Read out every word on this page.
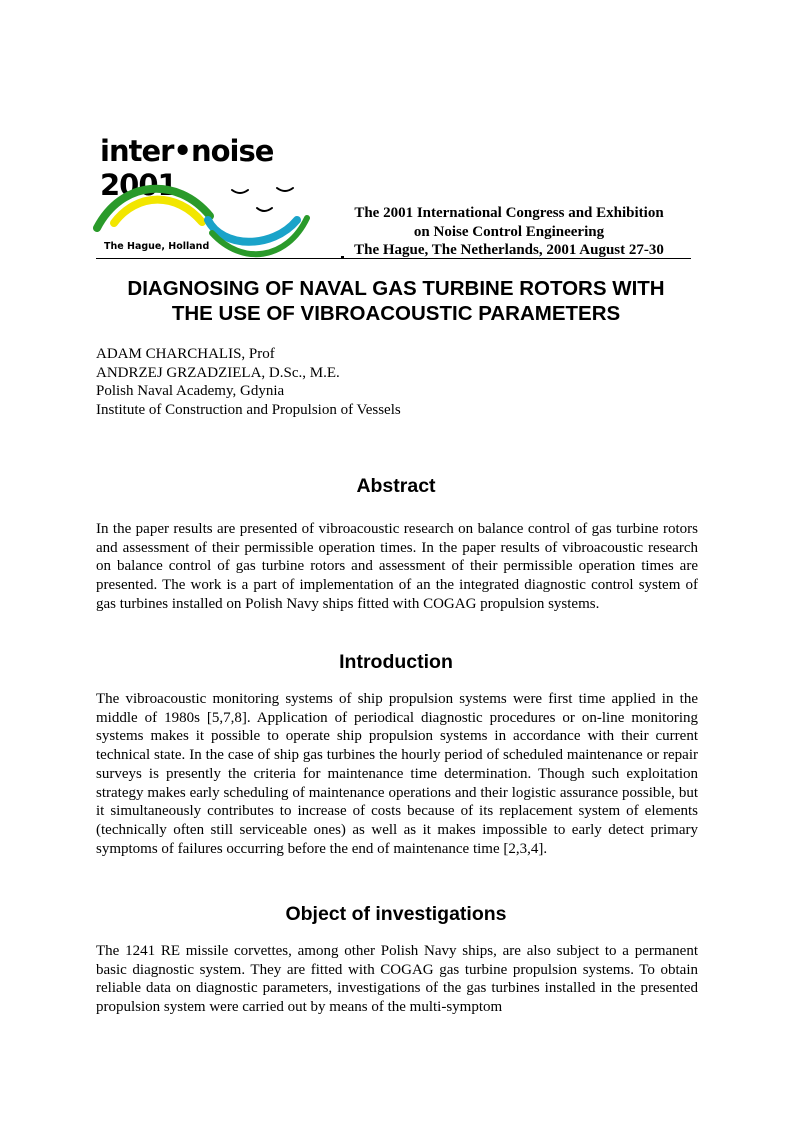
inter•noise 2001
The Hague, Holland
The 2001 International Congress and Exhibition
on Noise Control Engineering
The Hague, The Netherlands, 2001 August 27-30
DIAGNOSING OF NAVAL GAS TURBINE ROTORS WITH
THE USE OF VIBROACOUSTIC PARAMETERS
ADAM CHARCHALIS, Prof
ANDRZEJ GRZADZIELA, D.Sc., M.E.
Polish Naval Academy, Gdynia
Institute of Construction and Propulsion of Vessels
Abstract

In the paper results are presented of vibroacoustic research on balance control of gas turbine rotors and assessment of their permissible operation times. In the paper results of vibroacoustic research on balance control of gas turbine rotors and assessment of their permissible operation times are presented. The work is a part of implementation of an the integrated diagnostic control system of gas turbines installed on Polish Navy ships fitted with COGAG propulsion systems.

Introduction

The vibroacoustic monitoring systems of ship propulsion systems were first time applied in the middle of 1980s [5,7,8]. Application of periodical diagnostic procedures or on-line monitoring systems makes it possible to operate ship propulsion systems in accordance with their current technical state. In the case of ship gas turbines the hourly period of scheduled maintenance or repair surveys is presently the criteria for maintenance time determination. Though such exploitation strategy makes early scheduling of maintenance operations and their logistic assurance possible, but it simultaneously contributes to increase of costs because of its replacement system of elements (technically often still serviceable ones) as well as it makes impossible to early detect primary symptoms of failures occurring before the end of maintenance time [2,3,4].

Object of investigations

The 1241 RE missile corvettes, among other Polish Navy ships, are also subject to a permanent basic diagnostic system. They are fitted with COGAG gas turbine propulsion systems. To obtain reliable data on diagnostic parameters, investigations of the gas turbines installed in the presented propulsion system were carried out by means of the multi-symptom
